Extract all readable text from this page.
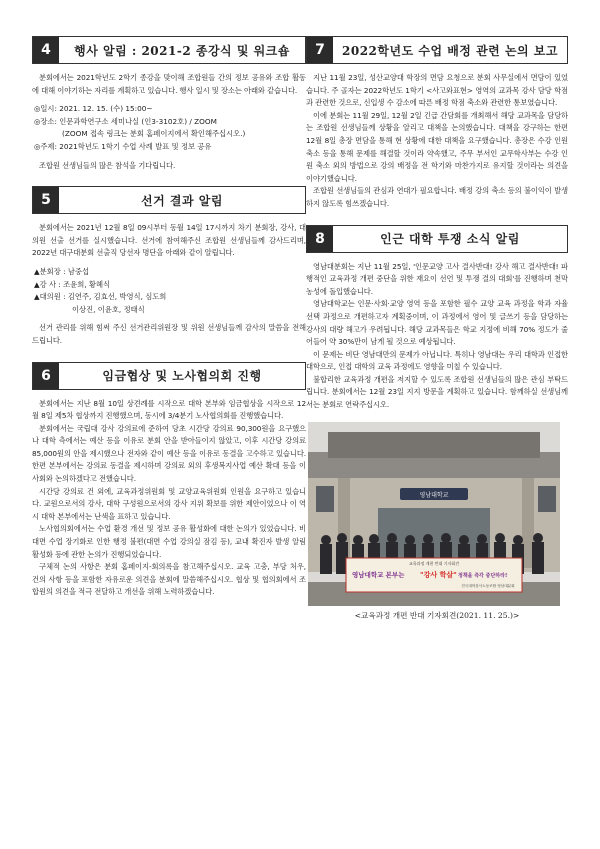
4	행사 알림 : 2021-2 종강식 및 워크숍

분회에서는 2021학년도 2학기 종강을 맞이해 조합원들 간의 정보 공유와 조합 활동에 대해 이야기하는 자리를 계획하고 있습니다. 행사 일시 및 장소는 아래와 같습니다.

◎일시: 2021. 12. 15. (수) 15:00~
◎장소: 인문과학연구소 세미나실 (인3-3102호) / ZOOM
(ZOOM 접속 링크는 분회 홈페이지에서 확인해주십시오.)
◎주제: 2021학년도 1학기 수업 사례 발표 및 정보 공유

조합원 선생님들의 많은 참석을 기다립니다.

5	선거 결과 알림

분회에서는 2021년 12월 8일 09시부터 동월 14일 17시까지 차기 분회장, 강사, 대의원 선출 선거를 실시했습니다. 선거에 참여해주신 조합원 선생님들께 감사드리며, 2022년 대구대분회 선출직 당선자 명단을 아래와 같이 알립니다.

▲분회장 : 남중섭
▲강 사 : 조윤희, 황혜식
▲대의원 : 김연주, 김효선, 박영식, 심도희
이상진, 이윤호, 정태식

선거 관리를 위해 힘써 주신 선거관리위원장 및 위원 선생님들께 감사의 말씀을 전해 드립니다.

6	임금협상 및 노사협의회 진행

분회에서는 지난 8월 10일 상견례를 시작으로 대학 본부와 임금협상을 시작으로 12월 8일 제5차 협상까지 진행했으며, 동시에 3/4분기 노사협의회를 진행했습니다.

분회에서는 국립대 강사 강의료에 준하여 당초 시간당 강의료 90,300원을 요구했으나 대학 측에서는 예산 등을 이유로 분회 안을 받아들이지 않았고, 이후 시간당 강의료 85,000원의 안을 제시했으나 전자와 같이 예산 등을 이유로 동결을 고수하고 있습니다. 한편 본부에서는 강의료 동결을 제시하며 강의료 외의 후생복지사업 예산 확대 등을 이사회와 논의하겠다고 전했습니다.

시간당 강의료 건 외에, 교육과정위원회 및 교양교육위원회 인원을 요구하고 있습니다. 교원으로서의 강사, 대학 구성원으로서의 강사 지위 확보를 위한 제안이었으나 이 역시 대학 본부에서는 난색을 표하고 있습니다.

노사협의회에서는 수업 환경 개선 및 정보 공유 활성화에 대한 논의가 있었습니다. 비대면 수업 장기화로 인한 행정 불편(대면 수업 강의실 잠김 등), 교내 확진자 발생 알림 활성화 등에 관한 논의가 진행되었습니다.

구체적 논의 사항은 분회 홈페이지-회의록을 참고해주십시오. 교육 고충, 부당 처우, 건의 사항 등을 포함한 자유로운 의견을 분회에 말씀해주십시오. 협상 및 협의회에서 조합원의 의견을 적극 전달하고 개선을 위해 노력하겠습니다.

7	2022학년도 수업 배정 관련 논의 보고

지난 11월 23일, 성산교양대 학장의 면담 요청으로 분회 사무실에서 면담이 있었습니다. 주 골자는 2022학년도 1학기 <사고와표현> 영역의 교과목 강사 담당 학점과 관련한 것으로, 신입생 수 감소에 따른 배정 학점 축소와 관련한 통보였습니다.

이에 분회는 11월 29일, 12월 2일 긴급 간담회를 개최해서 해당 교과목을 담당하는 조합원 선생님들께 상황을 알리고 대책을 논의했습니다. 대책을 강구하는 한편 12월 8일 총장 면담을 통해 현 상황에 대한 대책을 요구했습니다. 총장은 수강 인원 축소 등을 통해 문제를 해결할 것이라 약속했고, 주무 부서인 교무학사부는 수강 인원 축소 외의 방법으로 강의 배정을 전 학기와 마찬가지로 유지할 것이라는 의견을 이야기했습니다.

조합원 선생님들의 관심과 연대가 필요합니다. 배정 강의 축소 등의 불이익이 발생하지 않도록 힘쓰겠습니다.

8	인근 대학 투쟁 소식 알림

영남대분회는 지난 11월 25일, '인문교양 고사 결사반대! 강사 해고 결사반대! 파행적인 교육과정 개편 중단을 위한 재요이 선언 및 투쟁 결의 대회'를 진행하며 천막농성에 돌입했습니다.

영남대학교는 인문·사회·교양 영역 등을 포함한 필수 교양 교육 과정을 학과 자율 선택 과정으로 개편하고자 계획중이며, 이 과정에서 영어 및 글쓰기 등을 담당하는 강사의 대량 해고가 우려됩니다. 해당 교과목들은 학교 지정에 비해 70% 정도가 줄어들어 약 30%만이 남게 될 것으로 예상됩니다.

이 문제는 비단 영남대만의 문제가 아닙니다. 특히나 영남대는 우리 대학과 인접한 대학으로, 인접 대학의 교육 과정에도 영향을 미칠 수 있습니다.

불합리한 교육과정 개편을 저지할 수 있도록 조합원 선생님들의 많은 관심 부탁드립니다. 분회에서는 12월 23일 지지 방문을 계획하고 있습니다. 함께하실 선생님께서는 분회로 연락주십시오.

영남대학교
교육과정 개편 반대 기자회견
영남대학교 본부는 "강사 학살" 정책을 즉각 중단하라!
전국대학강사노동조합 영남대분회
<교육과정 개편 반대 기자회견(2021. 11. 25.)>
